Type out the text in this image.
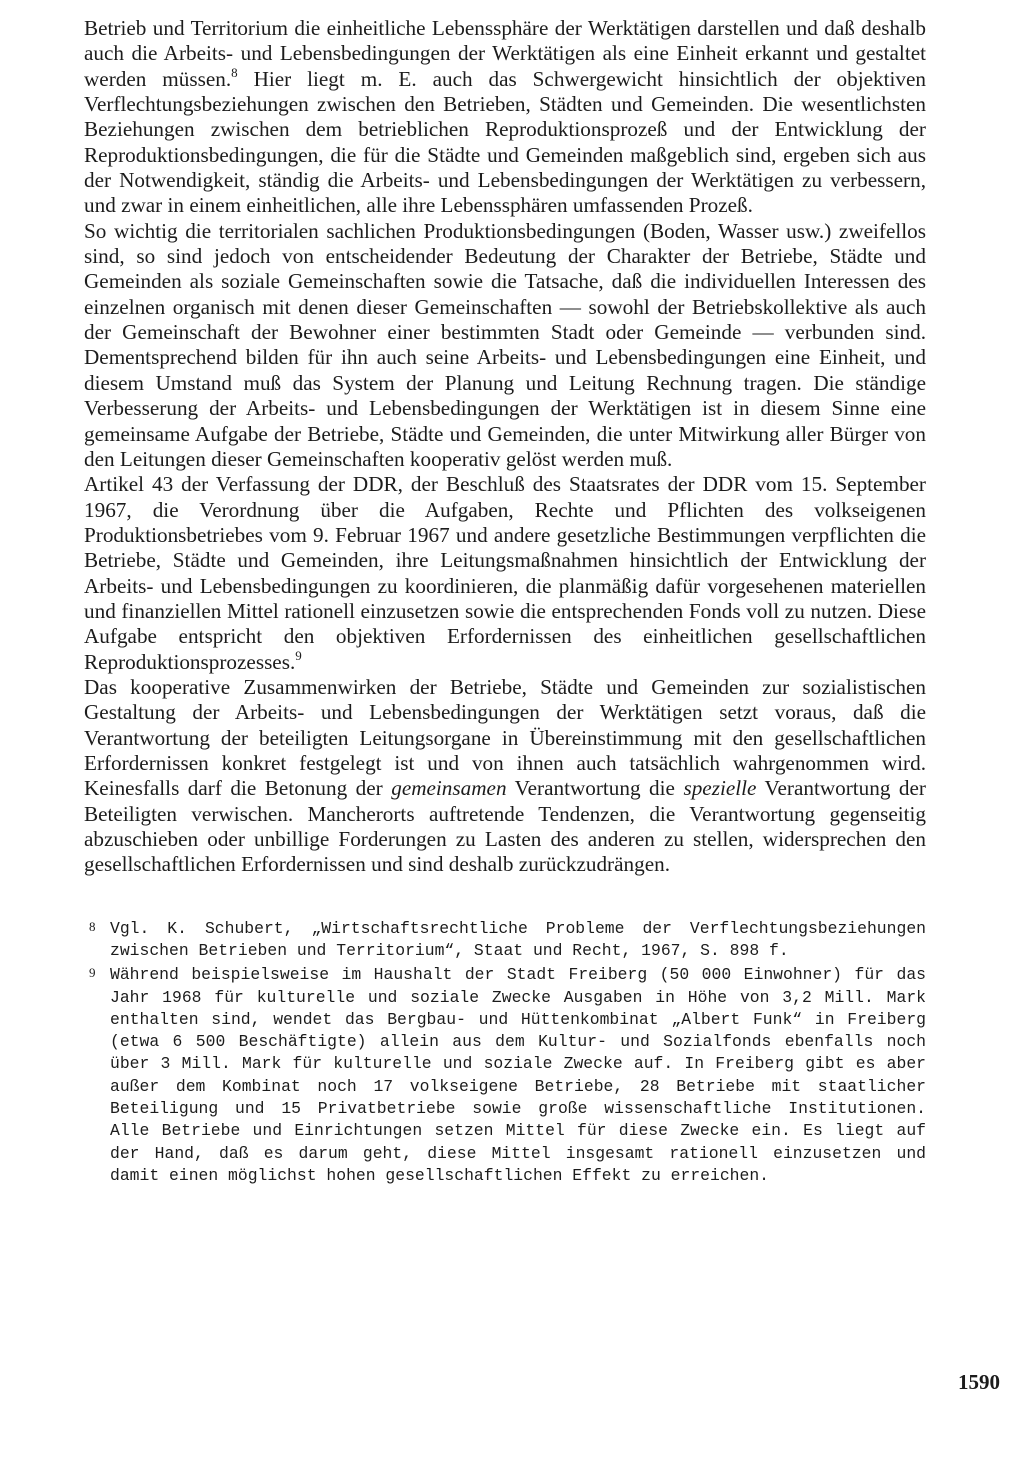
Betrieb und Territorium die einheitliche Lebenssphäre der Werktätigen darstellen und daß deshalb auch die Arbeits- und Lebensbedingungen der Werktätigen als eine Einheit erkannt und gestaltet werden müssen.$^8$ Hier liegt m. E. auch das Schwergewicht hinsichtlich der objektiven Verflechtungsbeziehungen zwischen den Betrieben, Städten und Gemeinden. Die wesentlichsten Beziehungen zwischen dem betrieblichen Reproduktionsprozeß und der Entwicklung der Reproduktionsbedingungen, die für die Städte und Gemeinden maßgeblich sind, ergeben sich aus der Notwendigkeit, ständig die Arbeits- und Lebensbedingungen der Werktätigen zu verbessern, und zwar in einem einheitlichen, alle ihre Lebenssphären umfassenden Prozeß.

So wichtig die territorialen sachlichen Produktionsbedingungen (Boden, Wasser usw.) zweifellos sind, so sind jedoch von entscheidender Bedeutung der Charakter der Betriebe, Städte und Gemeinden als soziale Gemeinschaften sowie die Tatsache, daß die individuellen Interessen des einzelnen organisch mit denen dieser Gemeinschaften — sowohl der Betriebskollektive als auch der Gemeinschaft der Bewohner einer bestimmten Stadt oder Gemeinde — verbunden sind. Dementsprechend bilden für ihn auch seine Arbeits- und Lebensbedingungen eine Einheit, und diesem Umstand muß das System der Planung und Leitung Rechnung tragen. Die ständige Verbesserung der Arbeits- und Lebensbedingungen der Werktätigen ist in diesem Sinne eine gemeinsame Aufgabe der Betriebe, Städte und Gemeinden, die unter Mitwirkung aller Bürger von den Leitungen dieser Gemeinschaften kooperativ gelöst werden muß.

Artikel 43 der Verfassung der DDR, der Beschluß des Staatsrates der DDR vom 15. September 1967, die Verordnung über die Aufgaben, Rechte und Pflichten des volkseigenen Produktionsbetriebes vom 9. Februar 1967 und andere gesetzliche Bestimmungen verpflichten die Betriebe, Städte und Gemeinden, ihre Leitungsmaßnahmen hinsichtlich der Entwicklung der Arbeits- und Lebensbedingungen zu koordinieren, die planmäßig dafür vorgesehenen materiellen und finanziellen Mittel rationell einzusetzen sowie die entsprechenden Fonds voll zu nutzen. Diese Aufgabe entspricht den objektiven Erfordernissen des einheitlichen gesellschaftlichen Reproduktionsprozesses.$^9$

Das kooperative Zusammenwirken der Betriebe, Städte und Gemeinden zur sozialistischen Gestaltung der Arbeits- und Lebensbedingungen der Werktätigen setzt voraus, daß die Verantwortung der beteiligten Leitungsorgane in Übereinstimmung mit den gesellschaftlichen Erfordernissen konkret festgelegt ist und von ihnen auch tatsächlich wahrgenommen wird. Keinesfalls darf die Betonung der gemeinsamen Verantwortung die spezielle Verantwortung der Beteiligten verwischen. Mancherorts auftretende Tendenzen, die Verantwortung gegenseitig abzuschieben oder unbillige Forderungen zu Lasten des anderen zu stellen, widersprechen den gesellschaftlichen Erfordernissen und sind deshalb zurückzudrängen.

8 Vgl. K. Schubert, „Wirtschaftsrechtliche Probleme der Verflechtungsbeziehungen zwischen Betrieben und Territorium“, Staat und Recht, 1967, S. 898 f.

9 Während beispielsweise im Haushalt der Stadt Freiberg (50 000 Einwohner) für das Jahr 1968 für kulturelle und soziale Zwecke Ausgaben in Höhe von 3,2 Mill. Mark enthalten sind, wendet das Bergbau- und Hüttenkombinat „Albert Funk“ in Freiberg (etwa 6 500 Beschäftigte) allein aus dem Kultur- und Sozialfonds ebenfalls noch über 3 Mill. Mark für kulturelle und soziale Zwecke auf. In Freiberg gibt es aber außer dem Kombinat noch 17 volkseigene Betriebe, 28 Betriebe mit staatlicher Beteiligung und 15 Privatbetriebe sowie große wissenschaftliche Institutionen. Alle Betriebe und Einrichtungen setzen Mittel für diese Zwecke ein. Es liegt auf der Hand, daß es darum geht, diese Mittel insgesamt rationell einzusetzen und damit einen möglichst hohen gesellschaftlichen Effekt zu erreichen.

1590
